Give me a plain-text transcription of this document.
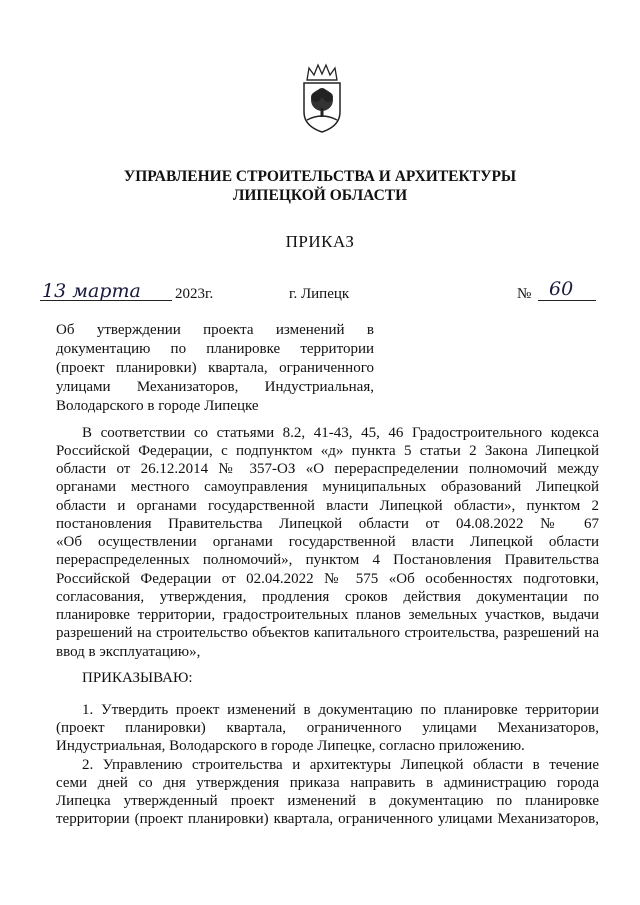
УПРАВЛЕНИЕ СТРОИТЕЛЬСТВА И АРХИТЕКТУРЫ
ЛИПЕЦКОЙ ОБЛАСТИ
ПРИКАЗ
13 марта 2023г.	г. Липецк	№ 60
Об утверждении проекта изменений в
документацию по планировке территории
(проект планировки) квартала, ограниченного
улицами Механизаторов, Индустриальная,
Володарского в городе Липецке
В соответствии со статьями 8.2, 41-43, 45, 46 Градостроительного кодекса
Российской Федерации, с подпунктом «д» пункта 5 статьи 2 Закона Липецкой
области от 26.12.2014 № 357-ОЗ «О перераспределении полномочий между
органами местного самоуправления муниципальных образований Липецкой
области и органами государственной власти Липецкой области», пунктом 2
постановления Правительства Липецкой области от 04.08.2022 № 67
«Об осуществлении органами государственной власти Липецкой области
перераспределенных полномочий», пунктом 4 Постановления Правительства
Российской Федерации от 02.04.2022 № 575 «Об особенностях подготовки,
согласования, утверждения, продления сроков действия документации по
планировке территории, градостроительных планов земельных участков, выдачи
разрешений на строительство объектов капитального строительства, разрешений на
ввод в эксплуатацию»,
ПРИКАЗЫВАЮ:
1. Утвердить проект изменений в документацию по планировке территории
(проект планировки) квартала, ограниченного улицами Механизаторов,
Индустриальная, Володарского в городе Липецке, согласно приложению.
2. Управлению строительства и архитектуры Липецкой области в течение
семи дней со дня утверждения приказа направить в администрацию города
Липецка утвержденный проект изменений в документацию по планировке
территории (проект планировки) квартала, ограниченного улицами Механизаторов,
